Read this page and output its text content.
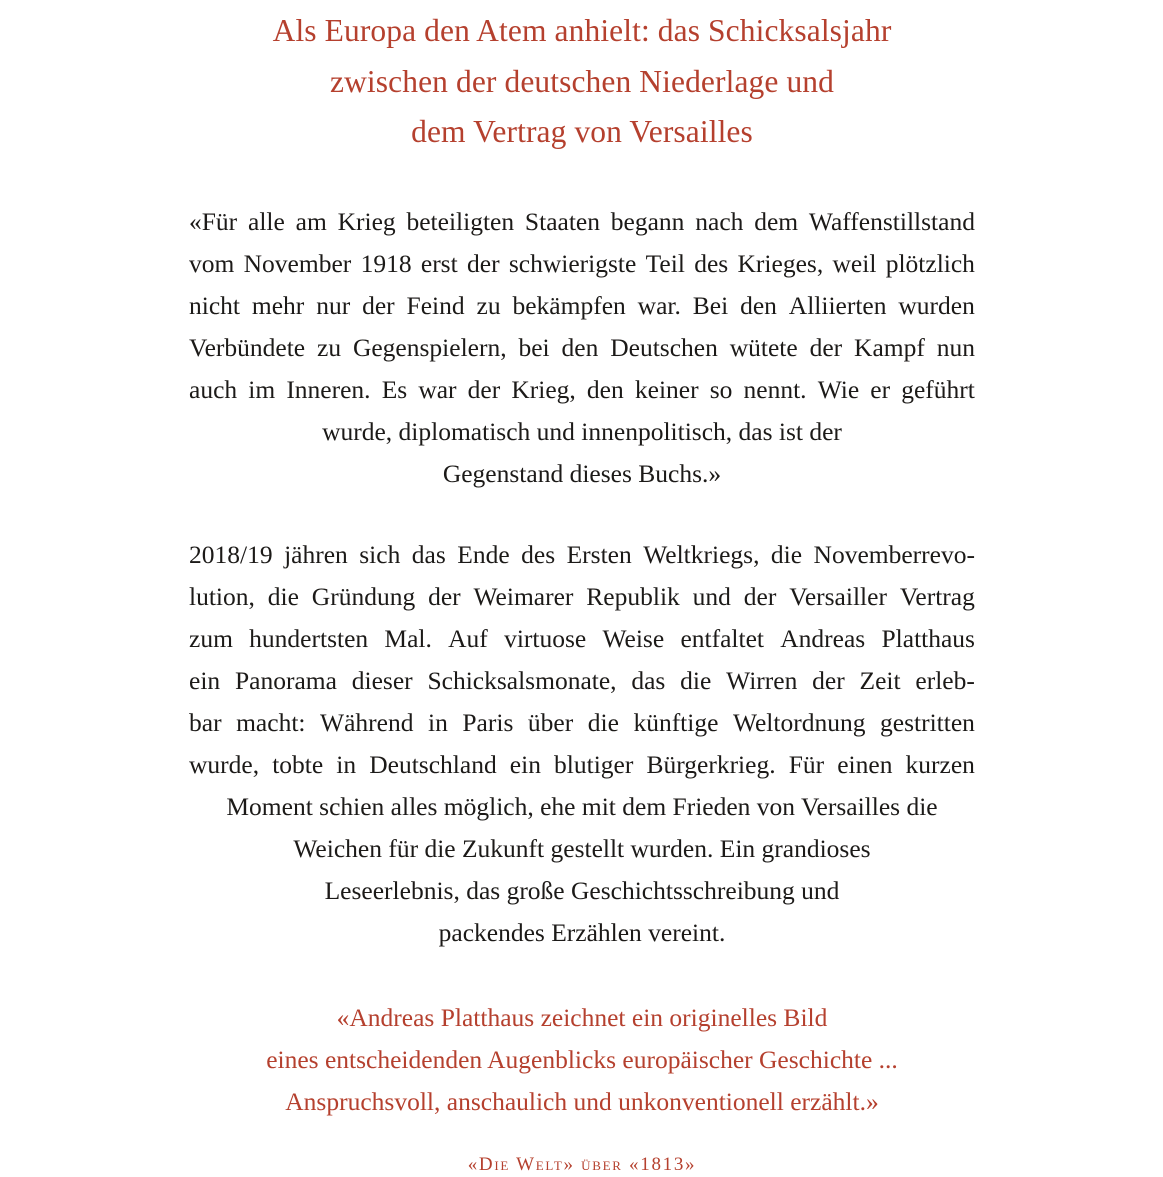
Als Europa den Atem anhielt: das Schicksalsjahr
zwischen der deutschen Niederlage und
dem Vertrag von Versailles

«Für alle am Krieg beteiligten Staaten begann nach dem Waffenstillstand
vom November 1918 erst der schwierigste Teil des Krieges, weil plötzlich
nicht mehr nur der Feind zu bekämpfen war. Bei den Alliierten wurden
Verbündete zu Gegenspielern, bei den Deutschen wütete der Kampf nun
auch im Inneren. Es war der Krieg, den keiner so nennt. Wie er geführt
wurde, diplomatisch und innenpolitisch, das ist der
Gegenstand dieses Buchs.»

2018/19 jähren sich das Ende des Ersten Weltkriegs, die Novemberrevo-
lution, die Gründung der Weimarer Republik und der Versailler Vertrag
zum hundertsten Mal. Auf virtuose Weise entfaltet Andreas Platthaus
ein Panorama dieser Schicksalsmonate, das die Wirren der Zeit erleb-
bar macht: Während in Paris über die künftige Weltordnung gestritten
wurde, tobte in Deutschland ein blutiger Bürgerkrieg. Für einen kurzen
Moment schien alles möglich, ehe mit dem Frieden von Versailles die
Weichen für die Zukunft gestellt wurden. Ein grandioses
Leseerlebnis, das große Geschichtsschreibung und
packendes Erzählen vereint.

«Andreas Platthaus zeichnet ein originelles Bild
eines entscheidenden Augenblicks europäischer Geschichte ...
Anspruchsvoll, anschaulich und unkonventionell erzählt.»

«Die Welt» über «1813»
